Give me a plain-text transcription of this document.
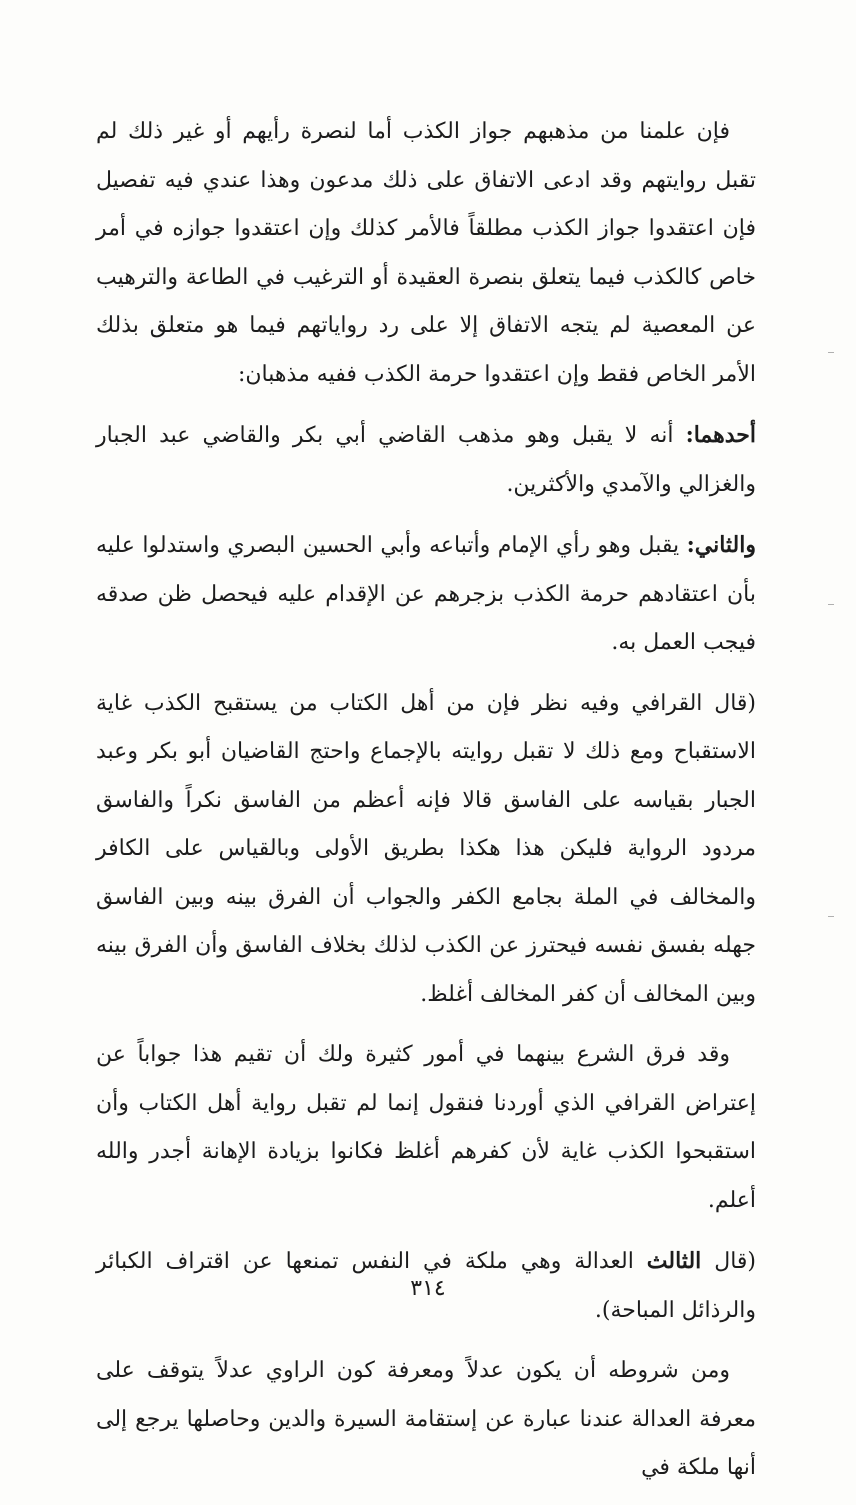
فإن علمنا من مذهبهم جواز الكذب أما لنصرة رأيهم أو غير ذلك لم تقبل روايتهم وقد ادعى الاتفاق على ذلك مدعون وهذا عندي فيه تفصيل فإن اعتقدوا جواز الكذب مطلقاً فالأمر كذلك وإن اعتقدوا جوازه في أمر خاص كالكذب فيما يتعلق بنصرة العقيدة أو الترغيب في الطاعة والترهيب عن المعصية لم يتجه الاتفاق إلا على رد رواياتهم فيما هو متعلق بذلك الأمر الخاص فقط وإن اعتقدوا حرمة الكذب ففيه مذهبان:

أحدهما: أنه لا يقبل وهو مذهب القاضي أبي بكر والقاضي عبد الجبار والغزالي والآمدي والأكثرين.

والثاني: يقبل وهو رأي الإمام وأتباعه وأبي الحسين البصري واستدلوا عليه بأن اعتقادهم حرمة الكذب بزجرهم عن الإقدام عليه فيحصل ظن صدقه فيجب العمل به.

(قال القرافي وفيه نظر فإن من أهل الكتاب من يستقبح الكذب غاية الاستقباح ومع ذلك لا تقبل روايته بالإجماع واحتج القاضيان أبو بكر وعبد الجبار بقياسه على الفاسق قالا فإنه أعظم من الفاسق نكراً والفاسق مردود الرواية فليكن هذا هكذا بطريق الأولى وبالقياس على الكافر والمخالف في الملة بجامع الكفر والجواب أن الفرق بينه وبين الفاسق جهله بفسق نفسه فيحترز عن الكذب لذلك بخلاف الفاسق وأن الفرق بينه وبين المخالف أن كفر المخالف أغلظ.

وقد فرق الشرع بينهما في أمور كثيرة ولك أن تقيم هذا جواباً عن إعتراض القرافي الذي أوردنا فنقول إنما لم تقبل رواية أهل الكتاب وأن استقبحوا الكذب غاية لأن كفرهم أغلظ فكانوا بزيادة الإهانة أجدر والله أعلم.

(قال الثالث العدالة وهي ملكة في النفس تمنعها عن اقتراف الكبائر والرذائل المباحة).

ومن شروطه أن يكون عدلاً ومعرفة كون الراوي عدلاً يتوقف على معرفة العدالة عندنا عبارة عن إستقامة السيرة والدين وحاصلها يرجع إلى أنها ملكة في

٣١٤
